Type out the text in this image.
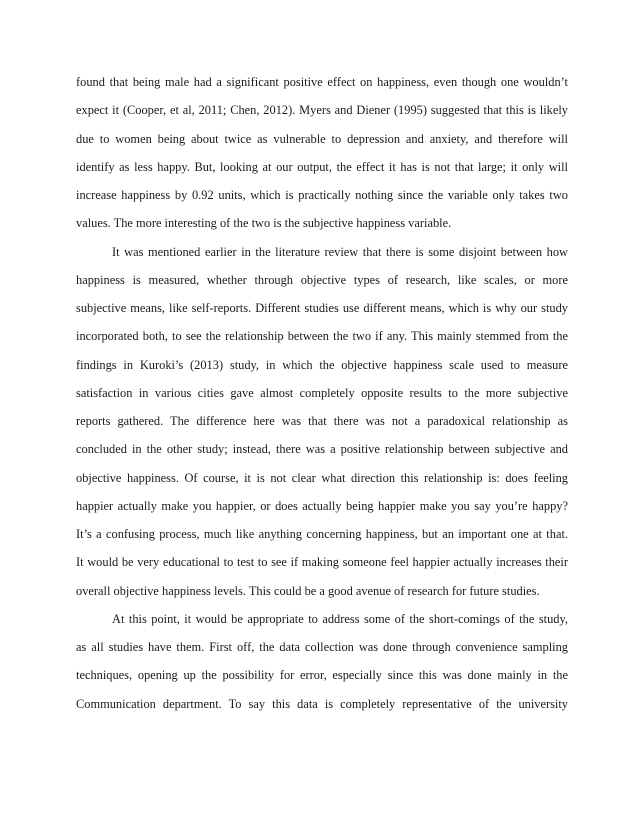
found that being male had a significant positive effect on happiness, even though one wouldn’t
expect it (Cooper, et al, 2011; Chen, 2012). Myers and Diener (1995) suggested that this is likely
due to women being about twice as vulnerable to depression and anxiety, and therefore will
identify as less happy. But, looking at our output, the effect it has is not that large; it only will
increase happiness by 0.92 units, which is practically nothing since the variable only takes two
values. The more interesting of the two is the subjective happiness variable.
It was mentioned earlier in the literature review that there is some disjoint between how
happiness is measured, whether through objective types of research, like scales, or more
subjective means, like self-reports. Different studies use different means, which is why our study
incorporated both, to see the relationship between the two if any. This mainly stemmed from the
findings in Kuroki’s (2013) study, in which the objective happiness scale used to measure
satisfaction in various cities gave almost completely opposite results to the more subjective
reports gathered. The difference here was that there was not a paradoxical relationship as
concluded in the other study; instead, there was a positive relationship between subjective and
objective happiness. Of course, it is not clear what direction this relationship is: does feeling
happier actually make you happier, or does actually being happier make you say you’re happy?
It’s a confusing process, much like anything concerning happiness, but an important one at that.
It would be very educational to test to see if making someone feel happier actually increases their
overall objective happiness levels. This could be a good avenue of research for future studies.
At this point, it would be appropriate to address some of the short-comings of the study,
as all studies have them. First off, the data collection was done through convenience sampling
techniques, opening up the possibility for error, especially since this was done mainly in the
Communication department. To say this data is completely representative of the university
